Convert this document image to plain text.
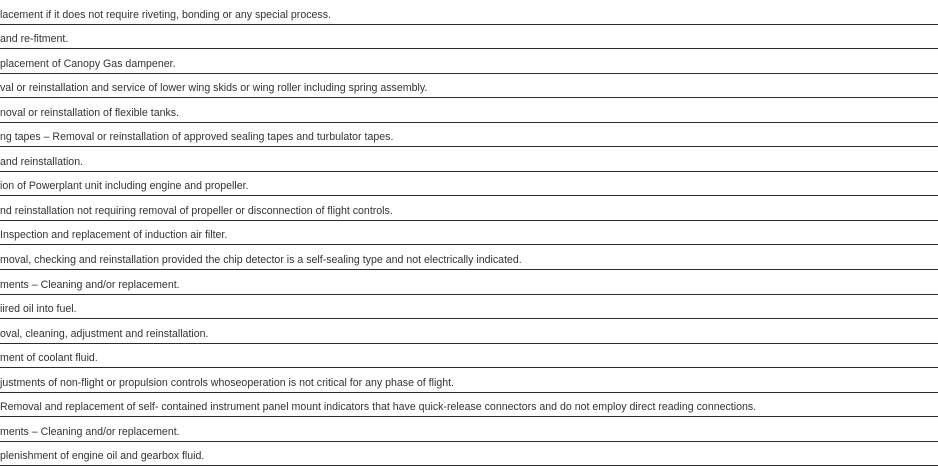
lacement if it does not require riveting, bonding or any special process.
and re-fitment.
placement of Canopy Gas dampener.
val or reinstallation and service of lower wing skids or wing roller including spring assembly.
noval or reinstallation of flexible tanks.
ng tapes – Removal or reinstallation of approved sealing tapes and turbulator tapes.
and reinstallation.
ion of Powerplant unit including engine and propeller.
nd reinstallation not requiring removal of propeller or disconnection of flight controls.
Inspection and replacement of induction air filter.
moval, checking and reinstallation provided the chip detector is a self-sealing type and not electrically indicated.
ments – Cleaning and/or replacement.
iired oil into fuel.
oval, cleaning, adjustment and reinstallation.
ment of coolant fluid.
justments of non-flight or propulsion controls whoseoperation is not critical for any phase of flight.
Removal and replacement of self- contained instrument panel mount indicators that have quick-release connectors and do not employ direct reading connections.
ments – Cleaning and/or replacement.
plenishment of engine oil and gearbox fluid.
